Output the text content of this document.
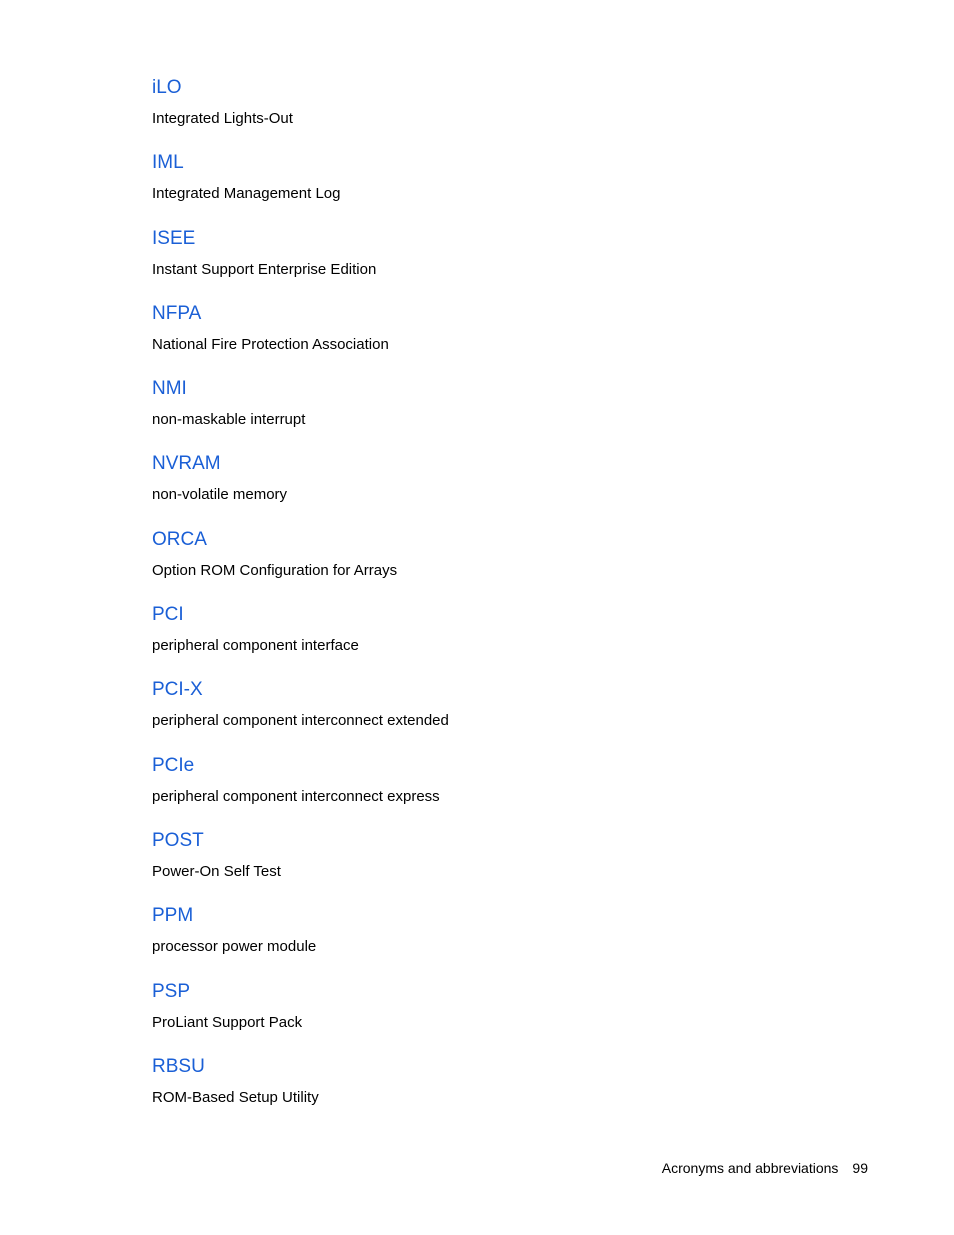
iLO
Integrated Lights-Out
IML
Integrated Management Log
ISEE
Instant Support Enterprise Edition
NFPA
National Fire Protection Association
NMI
non-maskable interrupt
NVRAM
non-volatile memory
ORCA
Option ROM Configuration for Arrays
PCI
peripheral component interface
PCI-X
peripheral component interconnect extended
PCIe
peripheral component interconnect express
POST
Power-On Self Test
PPM
processor power module
PSP
ProLiant Support Pack
RBSU
ROM-Based Setup Utility
Acronyms and abbreviations 99
